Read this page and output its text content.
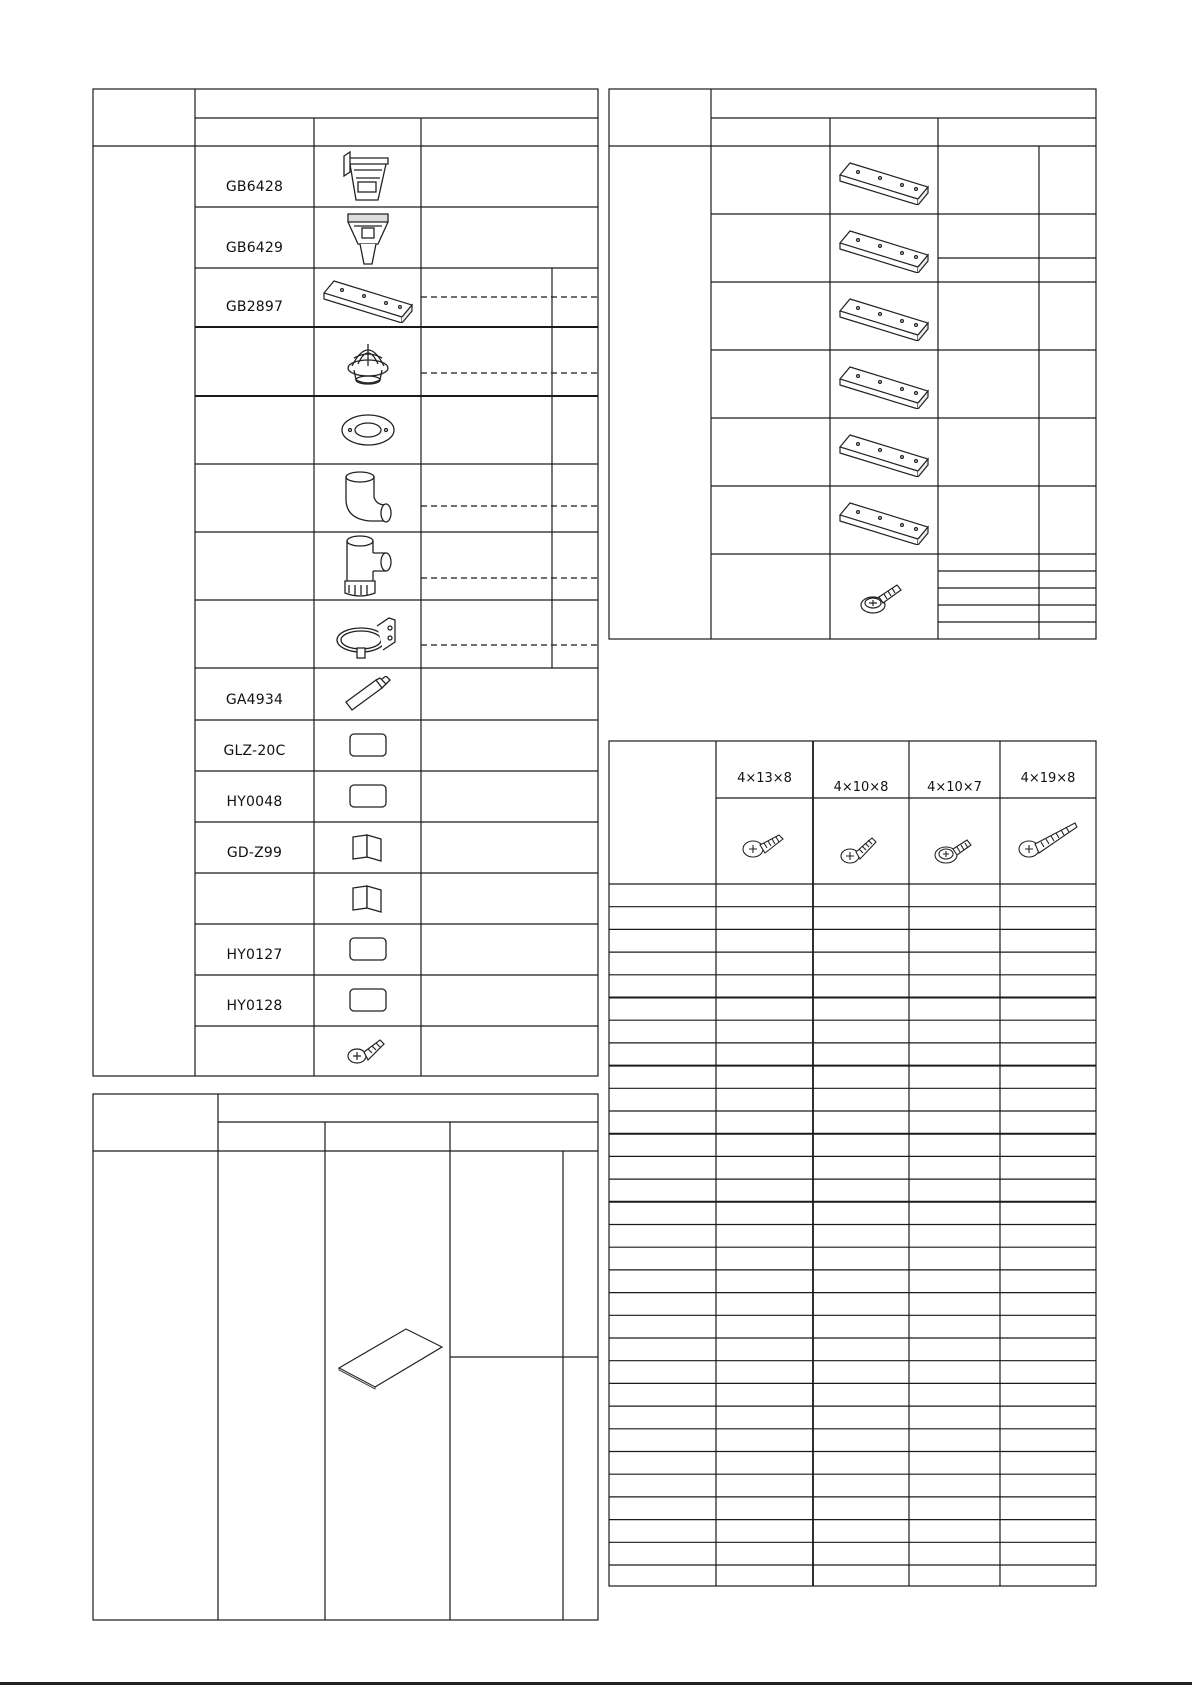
GB6428
GB6429
GB2897
GA4934
GLZ-20C
HY0048
GD-Z99
HY0127
HY0128
4×13×8
4×10×8	4×10×7
4×19×8
